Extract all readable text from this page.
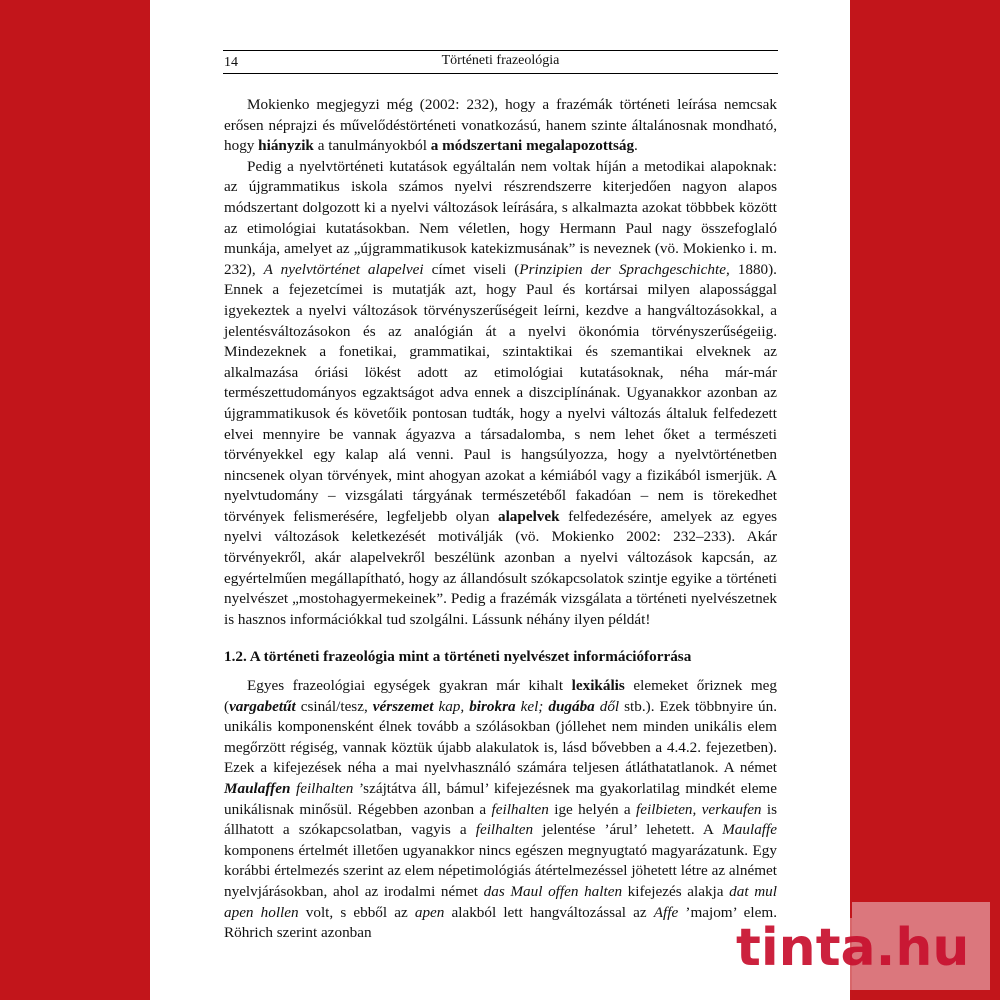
14	Történeti frazeológia

Mokienko megjegyzi még (2002: 232), hogy a frazémák történeti leírása nemcsak erősen néprajzi és művelődéstörténeti vonatkozású, hanem szinte általánosnak mondható, hogy hiányzik a tanulmányokból a módszertani megalapozottság.

Pedig a nyelvtörténeti kutatások egyáltalán nem voltak híján a metodikai alapoknak: az újgrammatikus iskola számos nyelvi részrendszerre kiterjedően nagyon alapos módszertant dolgozott ki a nyelvi változások leírására, s alkalmazta azokat többbek között az etimológiai kutatásokban. Nem véletlen, hogy Hermann Paul nagy összefoglaló munkája, amelyet az „újgrammatikusok katekizmusának” is neveznek (vö. Mokienko i. m. 232), A nyelvtörténet alapelvei címet viseli (Prinzipien der Sprachgeschichte, 1880). Ennek a fejezetcímei is mutatják azt, hogy Paul és kortársai milyen alapossággal igyekeztek a nyelvi változások törvényszerűségeit leírni, kezdve a hangváltozásokkal, a jelentésváltozásokon és az analógián át a nyelvi ökonómia törvényszerűségeiig. Mindezeknek a fonetikai, grammatikai, szintaktikai és szemantikai elveknek az alkalmazása óriási lökést adott az etimológiai kutatásoknak, néha már-már természettudományos egzaktságot adva ennek a diszciplínának. Ugyanakkor azonban az újgrammatikusok és követőik pontosan tudták, hogy a nyelvi változás általuk felfedezett elvei mennyire be vannak ágyazva a társadalomba, s nem lehet őket a természeti törvényekkel egy kalap alá venni. Paul is hangsúlyozza, hogy a nyelvtörténetben nincsenek olyan törvények, mint ahogyan azokat a kémiából vagy a fizikából ismerjük. A nyelvtudomány – vizsgálati tárgyának természetéből fakadóan – nem is törekedhet törvények felismerésére, legfeljebb olyan alapelvek felfedezésére, amelyek az egyes nyelvi változások keletkezését motiválják (vö. Mokienko 2002: 232–233). Akár törvényekről, akár alapelvekről beszélünk azonban a nyelvi változások kapcsán, az egyértelműen megállapítható, hogy az állandósult szókapcsolatok szintje egyike a történeti nyelvészet „mostohagyermekeinek”. Pedig a frazémák vizsgálata a történeti nyelvészetnek is hasznos információkkal tud szolgálni. Lássunk néhány ilyen példát!

1.2. A történeti frazeológia mint a történeti nyelvészet információforrása

Egyes frazeológiai egységek gyakran már kihalt lexikális elemeket őriznek meg (vargabetűt csinál/tesz, vérszemet kap, birokra kel; dugába dől stb.). Ezek többnyire ún. unikális komponensként élnek tovább a szólásokban (jóllehet nem minden unikális elem megőrzött régiség, vannak köztük újabb alakulatok is, lásd bővebben a 4.4.2. fejezetben). Ezek a kifejezések néha a mai nyelvhasználó számára teljesen átláthatatlanok. A német Maulaffen feilhalten ’szájtátva áll, bámul’ kifejezésnek ma gyakorlatilag mindkét eleme unikálisnak minősül. Régebben azonban a feilhalten ige helyén a feilbieten, verkaufen is állhatott a szókapcsolatban, vagyis a feilhalten jelentése ’árul’ lehetett. A Maulaffe komponens értelmét illetően ugyanakkor nincs egészen megnyugtató magyarázatunk. Egy korábbi értelmezés szerint az elem népetimológiás átértelmezéssel jöhetett létre az alnémet nyelvjárásokban, ahol az irodalmi német das Maul offen halten kifejezés alakja dat mul apen hollen volt, s ebből az apen alakból lett hangváltozással az Affe ’majom’ elem. Röhrich szerint azonban	tinta.hu
